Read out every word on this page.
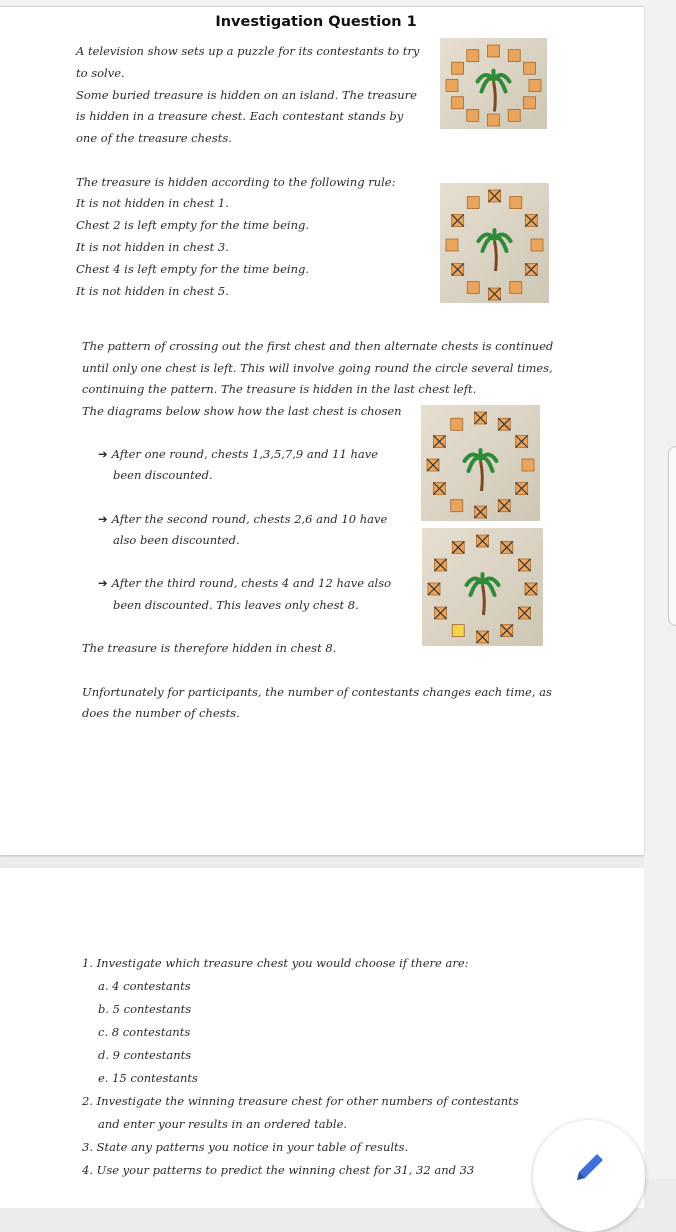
Investigation Question 1
A television show sets up a puzzle for its contestants to try
to solve.
Some buried treasure is hidden on an island. The treasure
is hidden in a treasure chest. Each contestant stands by
one of the treasure chests.
The treasure is hidden according to the following rule:
It is not hidden in chest 1.
Chest 2 is left empty for the time being.
It is not hidden in chest 3.
Chest 4 is left empty for the time being.
It is not hidden in chest 5.
The pattern of crossing out the first chest and then alternate chests is continued
until only one chest is left. This will involve going round the circle several times,
continuing the pattern. The treasure is hidden in the last chest left.
The diagrams below show how the last chest is chosen
➔ After one round, chests 1,3,5,7,9 and 11 have
been discounted.
➔ After the second round, chests 2,6 and 10 have
also been discounted.
➔ After the third round, chests 4 and 12 have also
been discounted. This leaves only chest 8.
The treasure is therefore hidden in chest 8.
Unfortunately for participants, the number of contestants changes each time, as
does the number of chests.
1. Investigate which treasure chest you would choose if there are:
a. 4 contestants
b. 5 contestants
c. 8 contestants
d. 9 contestants
e. 15 contestants
2. Investigate the winning treasure chest for other numbers of contestants
and enter your results in an ordered table.
3. State any patterns you notice in your table of results.
4. Use your patterns to predict the winning chest for 31, 32 and 33
